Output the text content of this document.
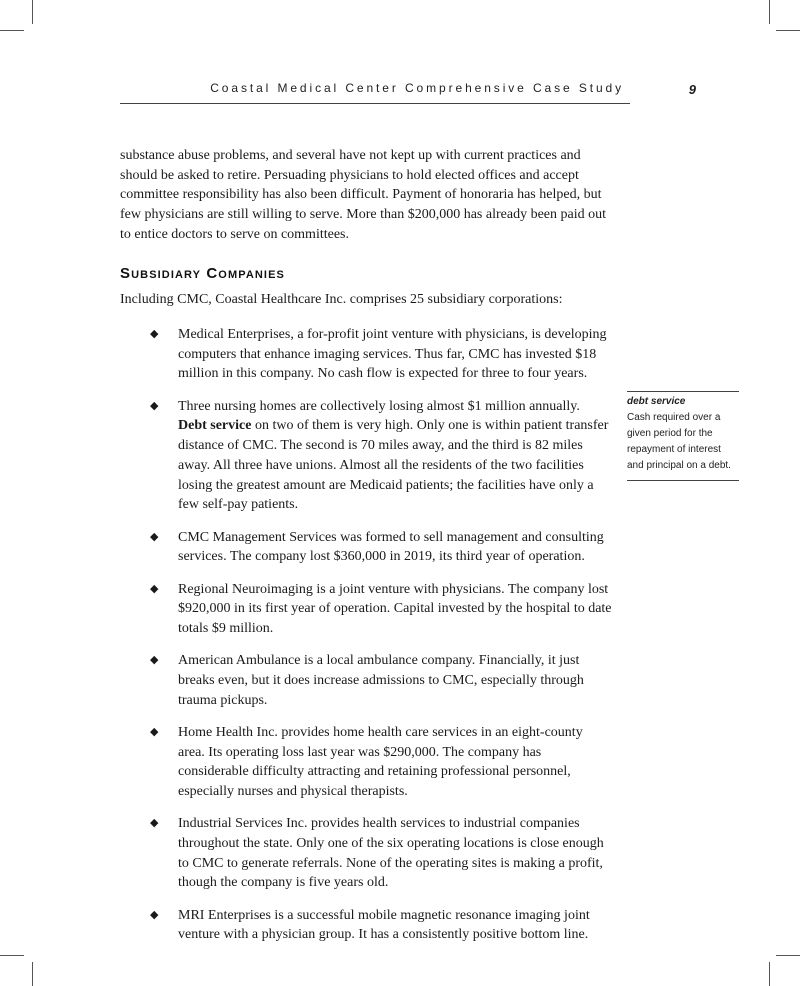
Coastal Medical Center Comprehensive Case Study	9

substance abuse problems, and several have not kept up with current practices and should be asked to retire. Persuading physicians to hold elected offices and accept committee responsibility has also been difficult. Payment of honoraria has helped, but few physicians are still willing to serve. More than $200,000 has already been paid out to entice doctors to serve on committees.

Subsidiary Companies

Including CMC, Coastal Healthcare Inc. comprises 25 subsidiary corporations:

◆ Medical Enterprises, a for-profit joint venture with physicians, is developing computers that enhance imaging services. Thus far, CMC has invested $18 million in this company. No cash flow is expected for three to four years.
◆ Three nursing homes are collectively losing almost $1 million annually. Debt service on two of them is very high. Only one is within patient transfer distance of CMC. The second is 70 miles away, and the third is 82 miles away. All three have unions. Almost all the residents of the two facilities losing the greatest amount are Medicaid patients; the facilities have only a few self-pay patients.
◆ CMC Management Services was formed to sell management and consulting services. The company lost $360,000 in 2019, its third year of operation.
◆ Regional Neuroimaging is a joint venture with physicians. The company lost $920,000 in its first year of operation. Capital invested by the hospital to date totals $9 million.
◆ American Ambulance is a local ambulance company. Financially, it just breaks even, but it does increase admissions to CMC, especially through trauma pickups.
◆ Home Health Inc. provides home health care services in an eight-county area. Its operating loss last year was $290,000. The company has considerable difficulty attracting and retaining professional personnel, especially nurses and physical therapists.
◆ Industrial Services Inc. provides health services to industrial companies throughout the state. Only one of the six operating locations is close enough to CMC to generate referrals. None of the operating sites is making a profit, though the company is five years old.
◆ MRI Enterprises is a successful mobile magnetic resonance imaging joint venture with a physician group. It has a consistently positive bottom line.
debt service
Cash required over a given period for the repayment of interest and principal on a debt.
